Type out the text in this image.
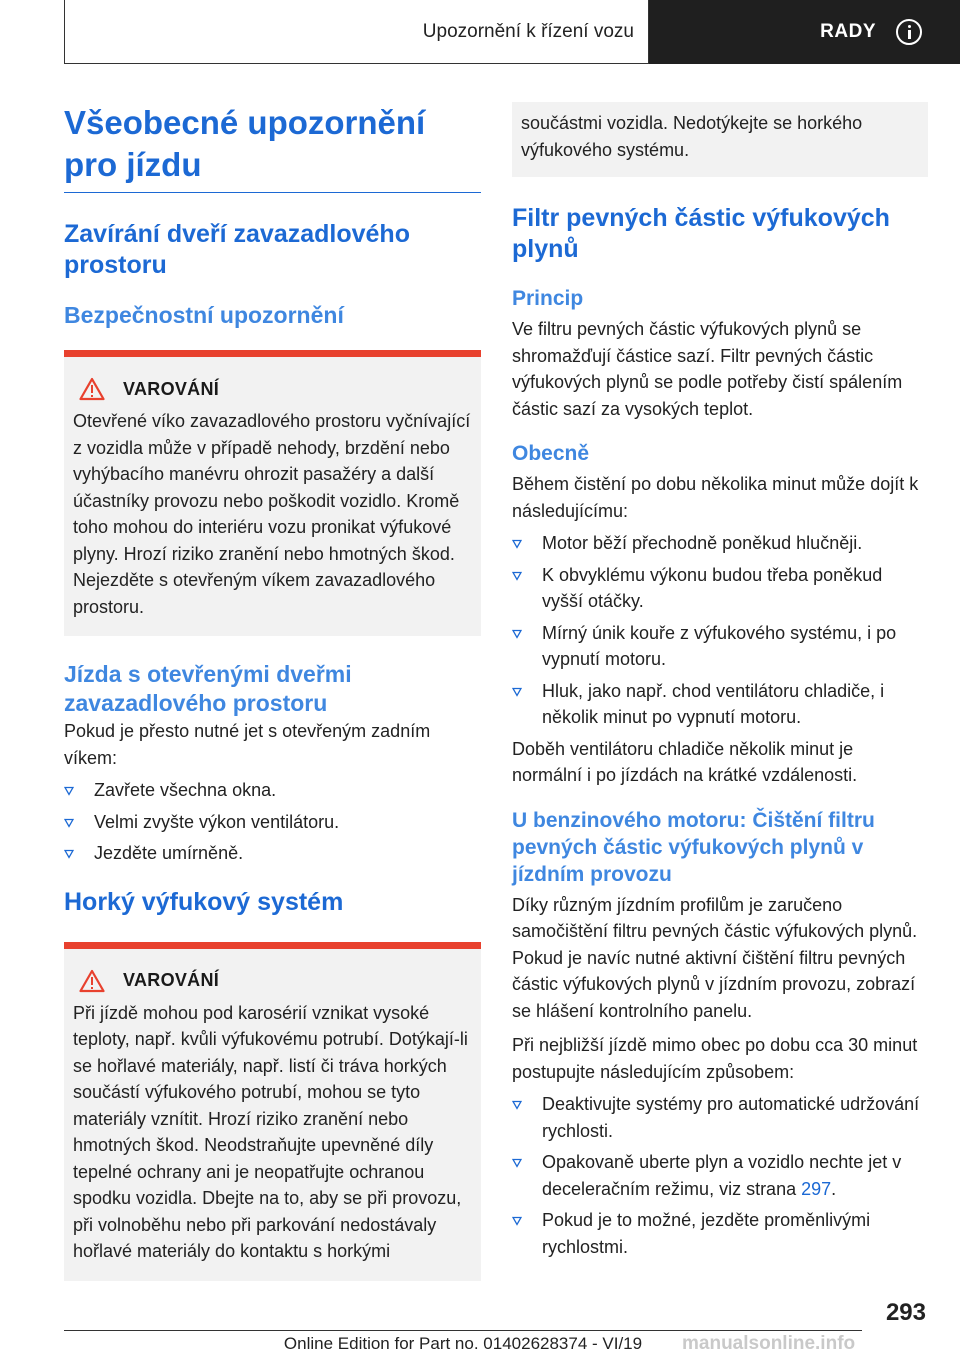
Upozornění k řízení vozu	RADY
Všeobecné upozornění pro jízdu
Zavírání dveří zavazadlového prostoru
Bezpečnostní upozornění
VAROVÁNÍ

Otevřené víko zavazadlového prostoru vyčnívající z vozidla může v případě nehody, brzdění nebo vyhýbacího manévru ohrozit pasažéry a další účastníky provozu nebo poškodit vozidlo. Kromě toho mohou do interiéru vozu pronikat výfukové plyny. Hrozí riziko zranění nebo hmotných škod. Nejezděte s otevřeným víkem zavazadlového prostoru.

Jízda s otevřenými dveřmi zavazadlového prostoru

Pokud je přesto nutné jet s otevřeným zadním víkem:

Zavřete všechna okna.
Velmi zvyšte výkon ventilátoru.
Jezděte umírněně.
Horký výfukový systém
VAROVÁNÍ

Při jízdě mohou pod karosérií vznikat vysoké teploty, např. kvůli výfukovému potrubí. Dotýkají-li se hořlavé materiály, např. listí či tráva horkých součástí výfukového potrubí, mohou se tyto materiály vznítit. Hrozí riziko zranění nebo hmotných škod. Neodstraňujte upevněné díly tepelné ochrany ani je neopatřujte ochranou spodku vozidla. Dbejte na to, aby se při provozu, při volnoběhu nebo při parkování nedostávaly hořlavé materiály do kontaktu s horkými

součástmi vozidla. Nedotýkejte se horkého výfukového systému.

Filtr pevných částic výfukových plynů
Princip

Ve filtru pevných částic výfukových plynů se shromažďují částice sazí. Filtr pevných částic výfukových plynů se podle potřeby čistí spálením částic sazí za vysokých teplot.

Obecně

Během čistění po dobu několika minut může dojít k následujícímu:

Motor běží přechodně poněkud hlučněji.
K obvyklému výkonu budou třeba poněkud vyšší otáčky.
Mírný únik kouře z výfukového systému, i po vypnutí motoru.
Hluk, jako např. chod ventilátoru chladiče, i několik minut po vypnutí motoru.

Doběh ventilátoru chladiče několik minut je normální i po jízdách na krátké vzdálenosti.

U benzinového motoru: Čištění filtru pevných částic výfukových plynů v jízdním provozu

Díky různým jízdním profilům je zaručeno samočištění filtru pevných částic výfukových plynů. Pokud je navíc nutné aktivní čištění filtru pevných částic výfukových plynů v jízdním provozu, zobrazí se hlášení kontrolního panelu.

Při nejbližší jízdě mimo obec po dobu cca 30 minut postupujte následujícím způsobem:

Deaktivujte systémy pro automatické udržování rychlosti.
Opakovaně uberte plyn a vozidlo nechte jet v deceleračním režimu, viz strana 297.
Pokud je to možné, jezděte proměnlivými rychlostmi.
293
Online Edition for Part no. 01402628374 - VI/19	manualsonline.info
